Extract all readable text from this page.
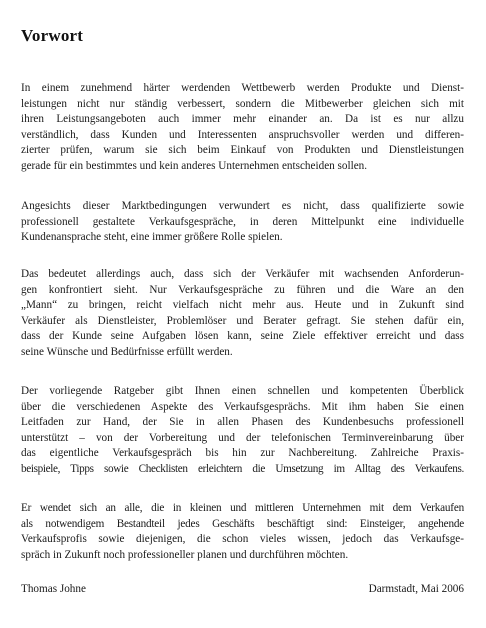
Vorwort

In einem zunehmend härter werdenden Wettbewerb werden Produkte und Dienst-
leistungen nicht nur ständig verbessert, sondern die Mitbewerber gleichen sich mit
ihren Leistungsangeboten auch immer mehr einander an. Da ist es nur allzu
verständlich, dass Kunden und Interessenten anspruchsvoller werden und differen-
zierter prüfen, warum sie sich beim Einkauf von Produkten und Dienstleistungen
gerade für ein bestimmtes und kein anderes Unternehmen entscheiden sollen.

Angesichts dieser Marktbedingungen verwundert es nicht, dass qualifizierte sowie
professionell gestaltete Verkaufsgespräche, in deren Mittelpunkt eine individuelle
Kundenansprache steht, eine immer größere Rolle spielen.

Das bedeutet allerdings auch, dass sich der Verkäufer mit wachsenden Anforderun-
gen konfrontiert sieht. Nur Verkaufsgespräche zu führen und die Ware an den
„Mann“ zu bringen, reicht vielfach nicht mehr aus. Heute und in Zukunft sind
Verkäufer als Dienstleister, Problemlöser und Berater gefragt. Sie stehen dafür ein,
dass der Kunde seine Aufgaben lösen kann, seine Ziele effektiver erreicht und dass
seine Wünsche und Bedürfnisse erfüllt werden.

Der vorliegende Ratgeber gibt Ihnen einen schnellen und kompetenten Überblick
über die verschiedenen Aspekte des Verkaufsgesprächs. Mit ihm haben Sie einen
Leitfaden zur Hand, der Sie in allen Phasen des Kundenbesuchs professionell
unterstützt – von der Vorbereitung und der telefonischen Terminvereinbarung über
das eigentliche Verkaufsgespräch bis hin zur Nachbereitung. Zahlreiche Praxis-
beispiele, Tipps sowie Checklisten erleichtern die Umsetzung im Alltag des Verkaufens.

Er wendet sich an alle, die in kleinen und mittleren Unternehmen mit dem Verkaufen
als notwendigem Bestandteil jedes Geschäfts beschäftigt sind: Einsteiger, angehende
Verkaufsprofis sowie diejenigen, die schon vieles wissen, jedoch das Verkaufsge-
spräch in Zukunft noch professioneller planen und durchführen möchten.

Thomas Johne	Darmstadt, Mai 2006
